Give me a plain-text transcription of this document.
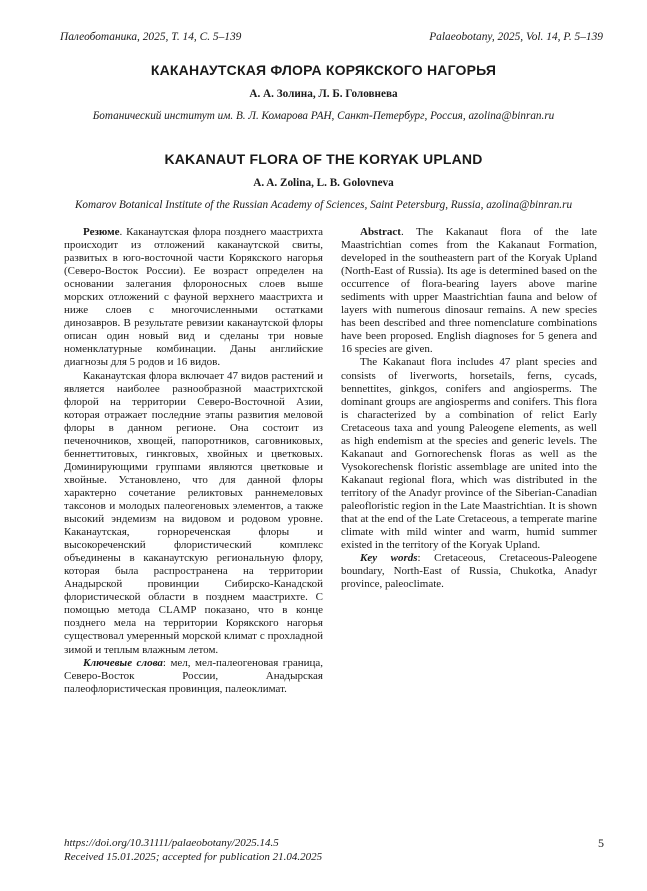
Палеоботаника, 2025, Т. 14, С. 5–139	Palaeobotany, 2025, Vol. 14, P. 5–139
КАКАНАУТСКАЯ ФЛОРА КОРЯКСКОГО НАГОРЬЯ
А. А. Золина, Л. Б. Головнева
Ботанический институт им. В. Л. Комарова РАН, Санкт-Петербург, Россия, azolina@binran.ru
KAKANAUT FLORA OF THE KORYAK UPLAND
A. A. Zolina, L. B. Golovneva
Komarov Botanical Institute of the Russian Academy of Sciences, Saint Petersburg, Russia, azolina@binran.ru

Резюме. Каканаутская флора позднего маастрихта происходит из отложений каканаутской свиты, развитых в юго-восточной части Корякского нагорья (Северо-Восток России). Ее возраст определен на основании залегания флороносных слоев выше морских отложений с фауной верхнего маастрихта и ниже слоев с многочисленными остатками динозавров. В результате ревизии каканаутской флоры описан один новый вид и сделаны три новые номенклатурные комбинации. Даны английские диагнозы для 5 родов и 16 видов.

Каканаутская флора включает 47 видов растений и является наиболее разнообразной маастрихтской флорой на территории Северо-Восточной Азии, которая отражает последние этапы развития меловой флоры в данном регионе. Она состоит из печеночников, хвощей, папоротников, саговниковых, беннеттитовых, гинкговых, хвойных и цветковых. Доминирующими группами являются цветковые и хвойные. Установлено, что для данной флоры характерно сочетание реликтовых раннемеловых таксонов и молодых палеогеновых элементов, а также высокий эндемизм на видовом и родовом уровне. Каканаутская, горнореченская флоры и высокореченский флористический комплекс объединены в каканаутскую региональную флору, которая была распространена на территории Анадырской провинции Сибирско-Канадской флористической области в позднем маастрихте. С помощью метода CLAMP показано, что в конце позднего мела на территории Корякского нагорья существовал умеренный морской климат с прохладной зимой и теплым влажным летом.

Ключевые слова: мел, мел-палеогеновая граница, Северо-Восток России, Анадырская палеофлористическая провинция, палеоклимат.

Abstract. The Kakanaut flora of the late Maastrichtian comes from the Kakanaut Formation, developed in the southeastern part of the Koryak Upland (North-East of Russia). Its age is determined based on the occurrence of flora-bearing layers above marine sediments with upper Maastrichtian fauna and below of layers with numerous dinosaur remains. A new species has been described and three nomenclature combinations have been proposed. English diagnoses for 5 genera and 16 species are given.

The Kakanaut flora includes 47 plant species and consists of liverworts, horsetails, ferns, cycads, bennettites, ginkgos, conifers and angiosperms. The dominant groups are angiosperms and conifers. This flora is characterized by a combination of relict Early Cretaceous taxa and young Paleogene elements, as well as high endemism at the species and generic levels. The Kakanaut and Gornorechensk floras as well as the Vysokorechensk floristic assemblage are united into the Kakanaut regional flora, which was distributed in the territory of the Anadyr province of the Siberian-Canadian paleofloristic region in the Late Maastrichtian. It is shown that at the end of the Late Cretaceous, a temperate marine climate with mild winter and warm, humid summer existed in the territory of the Koryak Upland.

Key words: Cretaceous, Cretaceous-Paleogene boundary, North-East of Russia, Chukotka, Anadyr province, paleoclimate.

https://doi.org/10.31111/palaeobotany/2025.14.5
Received 15.01.2025; accepted for publication 21.04.2025
5
